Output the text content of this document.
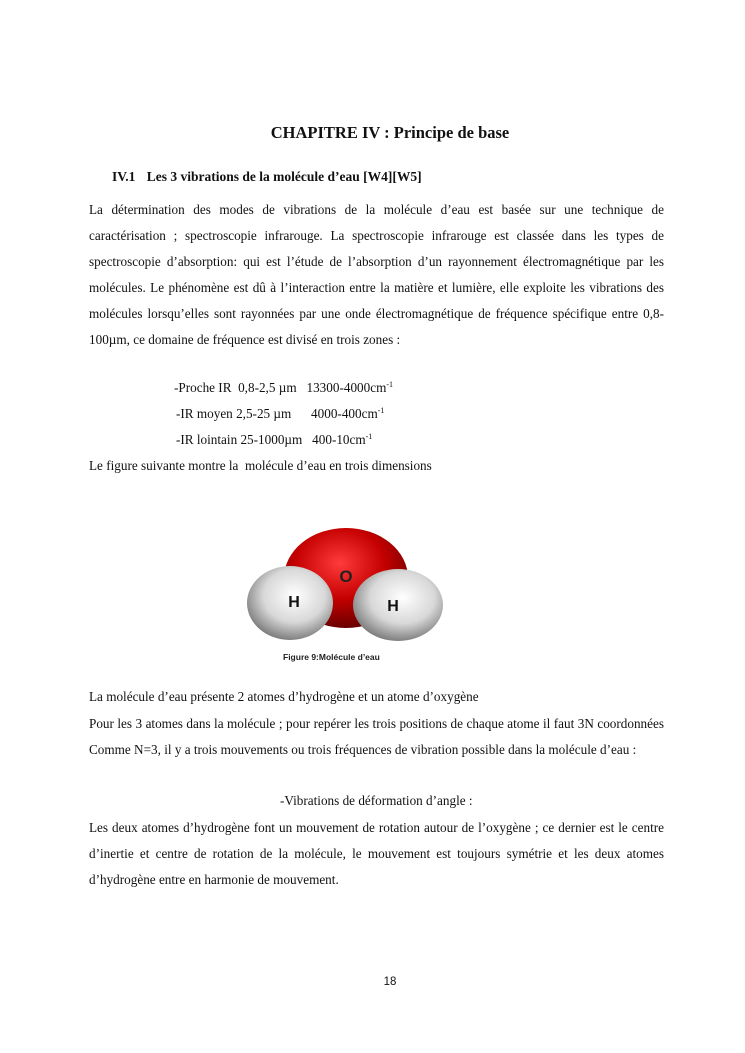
CHAPITRE IV : Principe de base
IV.1 Les 3 vibrations de la molécule d’eau [W4][W5]
La détermination des modes de vibrations de la molécule d’eau est basée sur une technique de caractérisation ; spectroscopie infrarouge. La spectroscopie infrarouge est classée dans les types de spectroscopie d’absorption: qui est l’étude de l’absorption d’un rayonnement électromagnétique par les molécules. Le phénomène est dû à l’interaction entre la matière et lumière, elle exploite les vibrations des molécules lorsqu’elles sont rayonnées par une onde électromagnétique de fréquence spécifique entre 0,8-100µm, ce domaine de fréquence est divisé en trois zones :
-Proche IR  0,8-2,5 µm   $13300-4000cm^{-1}$
-IR moyen 2,5-25 µm      $4000-400cm^{-1}$
-IR lointain 25-1000µm   $400-10cm^{-1}$
Le figure suivante montre la  molécule d’eau en trois dimensions
O
H	H
Figure 9:Molécule d’eau
La molécule d’eau présente 2 atomes d’hydrogène et un atome d’oxygène
Pour les 3 atomes dans la molécule ; pour repérer les trois positions de chaque atome il faut 3N coordonnées Comme N=3, il y a trois mouvements ou trois fréquences de vibration possible dans la molécule d’eau :
-Vibrations de déformation d’angle :
Les deux atomes d’hydrogène font un mouvement de rotation autour de l’oxygène ; ce dernier est le centre d’inertie et centre de rotation de la molécule, le mouvement est toujours symétrie et les deux atomes d’hydrogène entre en harmonie de mouvement.
18
